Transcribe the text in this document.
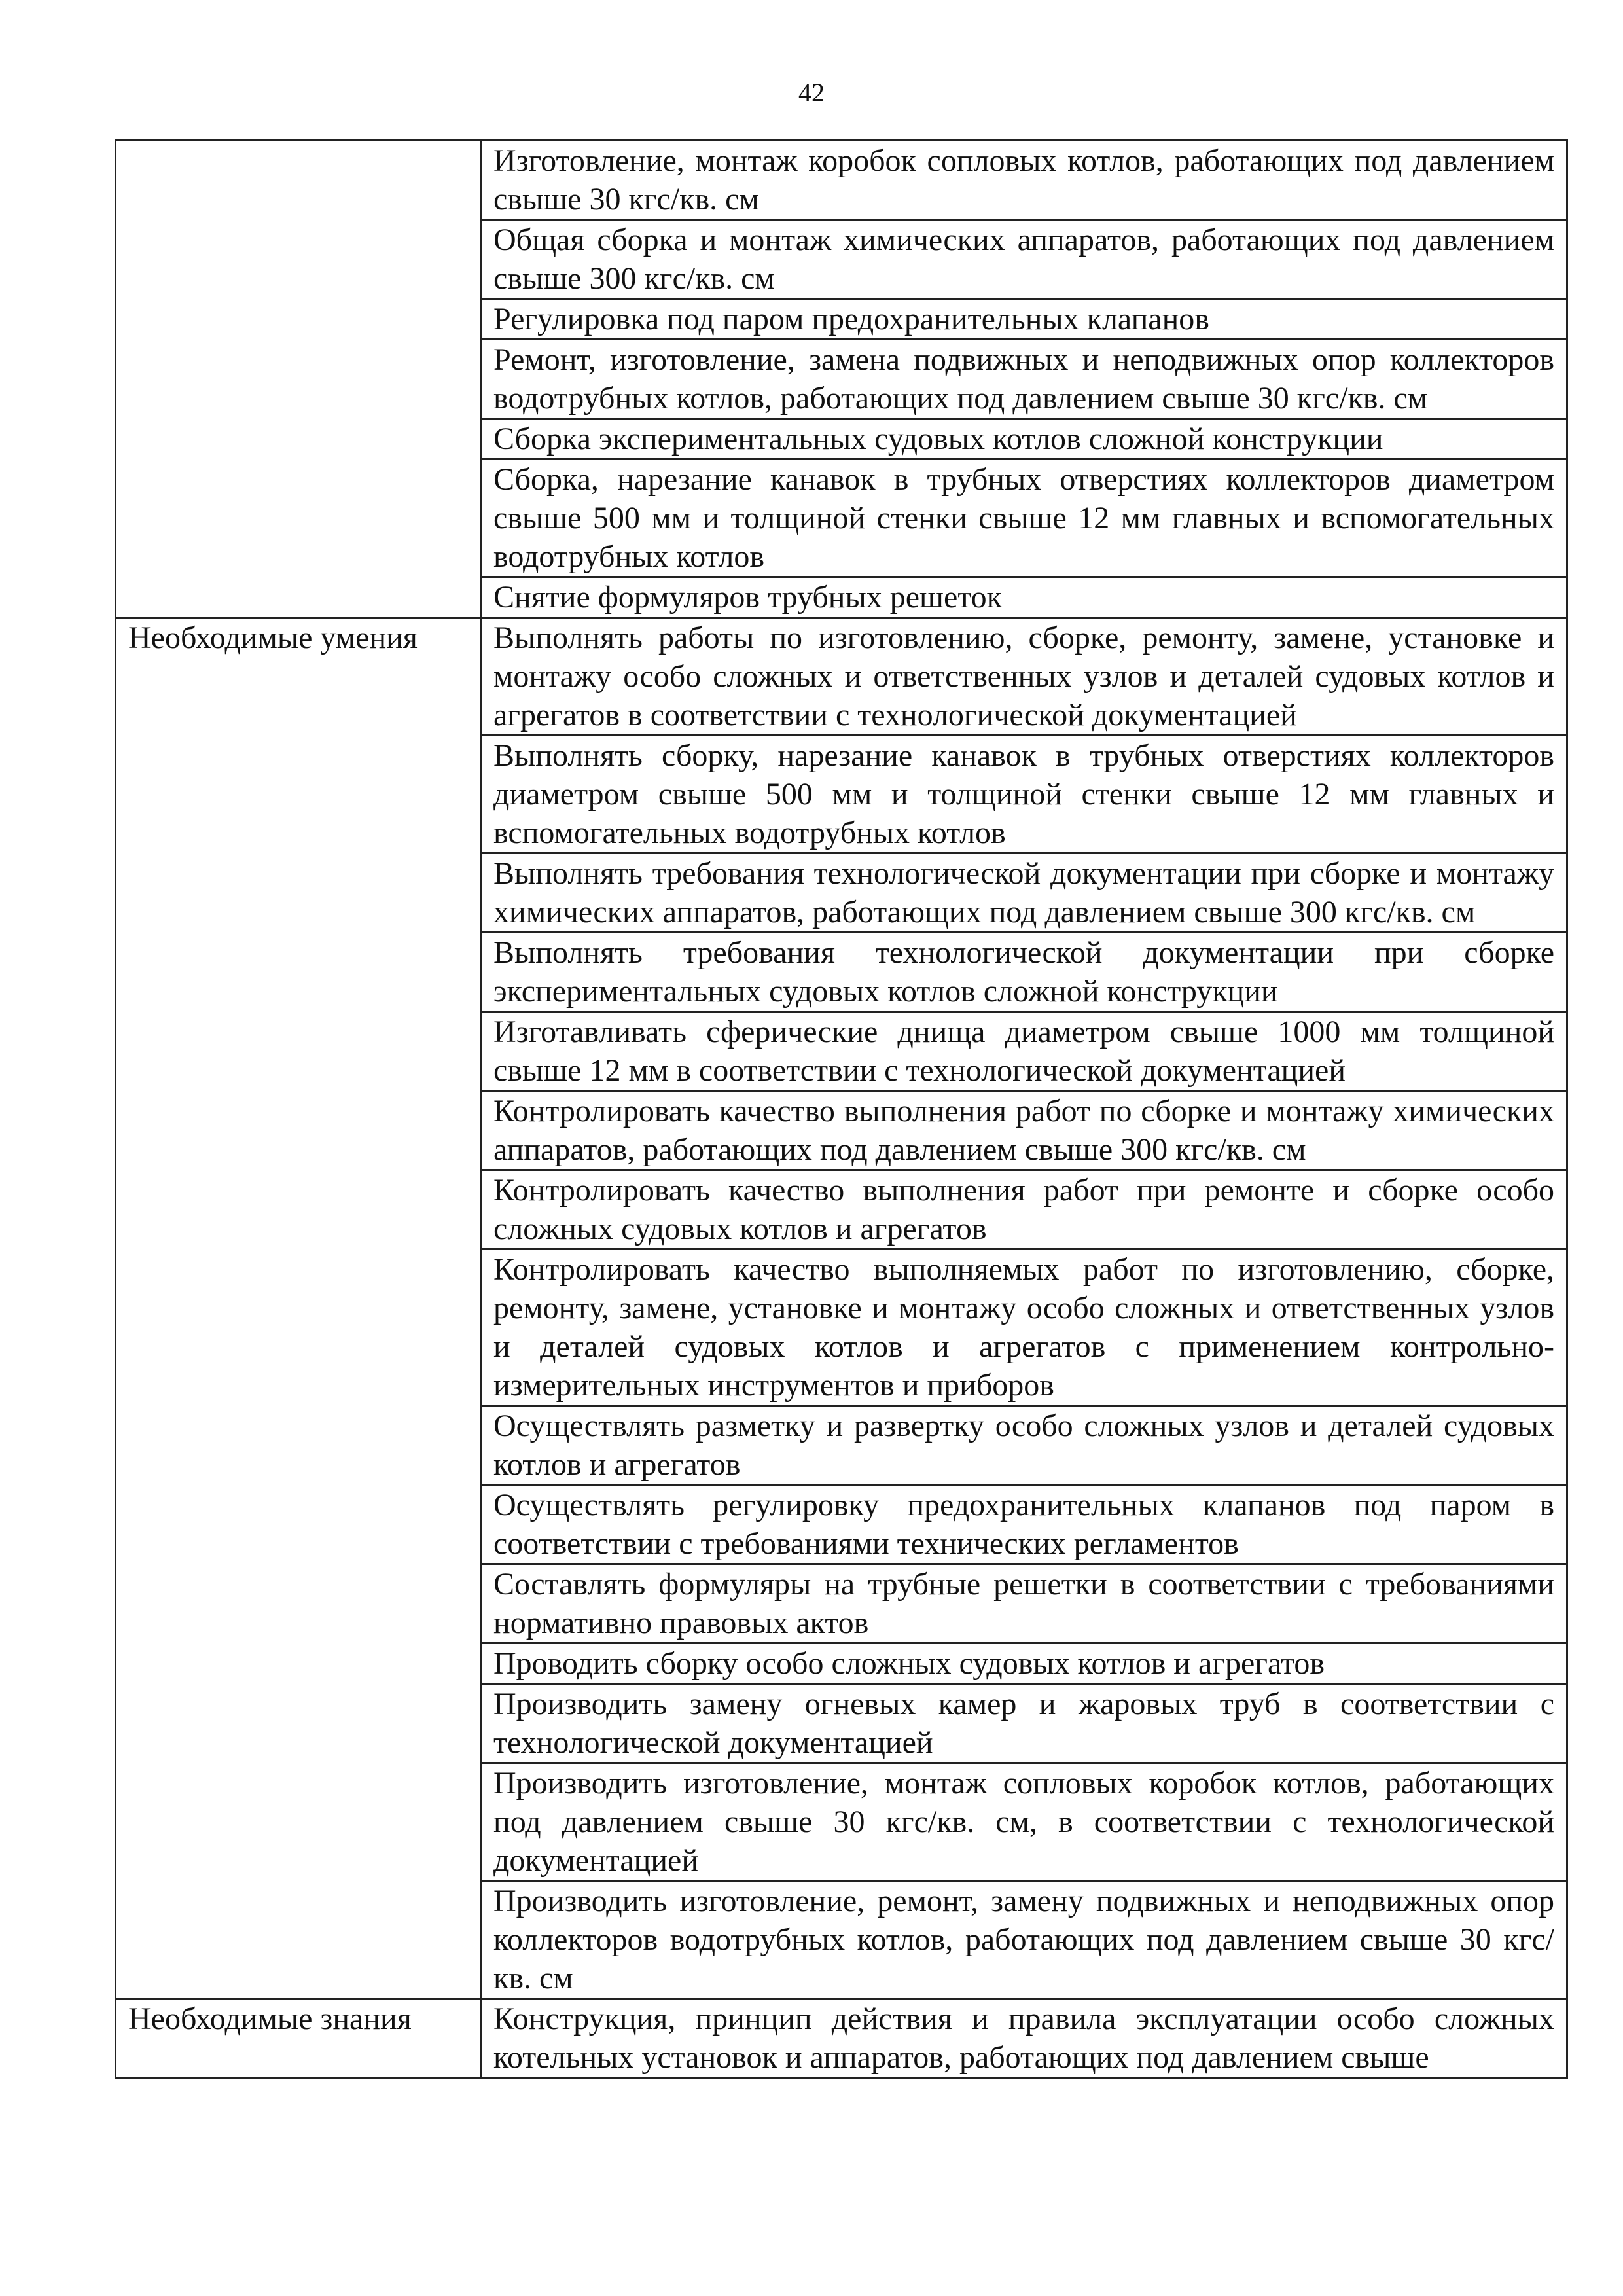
42
	Изготовление, монтаж коробок сопловых котлов, работающих под давлением свыше 30 кгс/кв. см
	Общая сборка и монтаж химических аппаратов, работающих под давлением свыше 300 кгс/кв. см
	Регулировка под паром предохранительных клапанов
	Ремонт, изготовление, замена подвижных и неподвижных опор коллекторов водотрубных котлов, работающих под давлением свыше 30 кгс/кв. см
	Сборка экспериментальных судовых котлов сложной конструкции
	Сборка, нарезание канавок в трубных отверстиях коллекторов диаметром свыше 500 мм и толщиной стенки свыше 12 мм главных и вспомогательных водотрубных котлов
	Снятие формуляров трубных решеток
Необходимые умения	Выполнять работы по изготовлению, сборке, ремонту, замене, установке и монтажу особо сложных и ответственных узлов и деталей судовых котлов и агрегатов в соответствии с технологической документацией
	Выполнять сборку, нарезание канавок в трубных отверстиях коллекторов диаметром свыше 500 мм и толщиной стенки свыше 12 мм главных и вспомогательных водотрубных котлов
	Выполнять требования технологической документации при сборке и монтажу химических аппаратов, работающих под давлением свыше 300 кгс/кв. см
	Выполнять требования технологической документации при сборке экспериментальных судовых котлов сложной конструкции
	Изготавливать сферические днища диаметром свыше 1000 мм толщиной свыше 12 мм в соответствии с технологической документацией
	Контролировать качество выполнения работ по сборке и монтажу химических аппаратов, работающих под давлением свыше 300 кгс/кв. см
	Контролировать качество выполнения работ при ремонте и сборке особо сложных судовых котлов и агрегатов
	Контролировать качество выполняемых работ по изготовлению, сборке, ремонту, замене, установке и монтажу особо сложных и ответственных узлов и деталей судовых котлов и агрегатов с применением контрольно-измерительных инструментов и приборов
	Осуществлять разметку и развертку особо сложных узлов и деталей судовых котлов и агрегатов
	Осуществлять регулировку предохранительных клапанов под паром в соответствии с требованиями технических регламентов
	Составлять формуляры на трубные решетки в соответствии с требованиями нормативно правовых актов
	Проводить сборку особо сложных судовых котлов и агрегатов
	Производить замену огневых камер и жаровых труб в соответствии с технологической документацией
	Производить изготовление, монтаж сопловых коробок котлов, работающих под давлением свыше 30 кгс/кв. см, в соответствии с технологической документацией
	Производить изготовление, ремонт, замену подвижных и неподвижных опор коллекторов водотрубных котлов, работающих под давлением свыше 30 кгс/кв. см
Необходимые знания	Конструкция, принцип действия и правила эксплуатации особо сложных котельных установок и аппаратов, работающих под давлением свыше
